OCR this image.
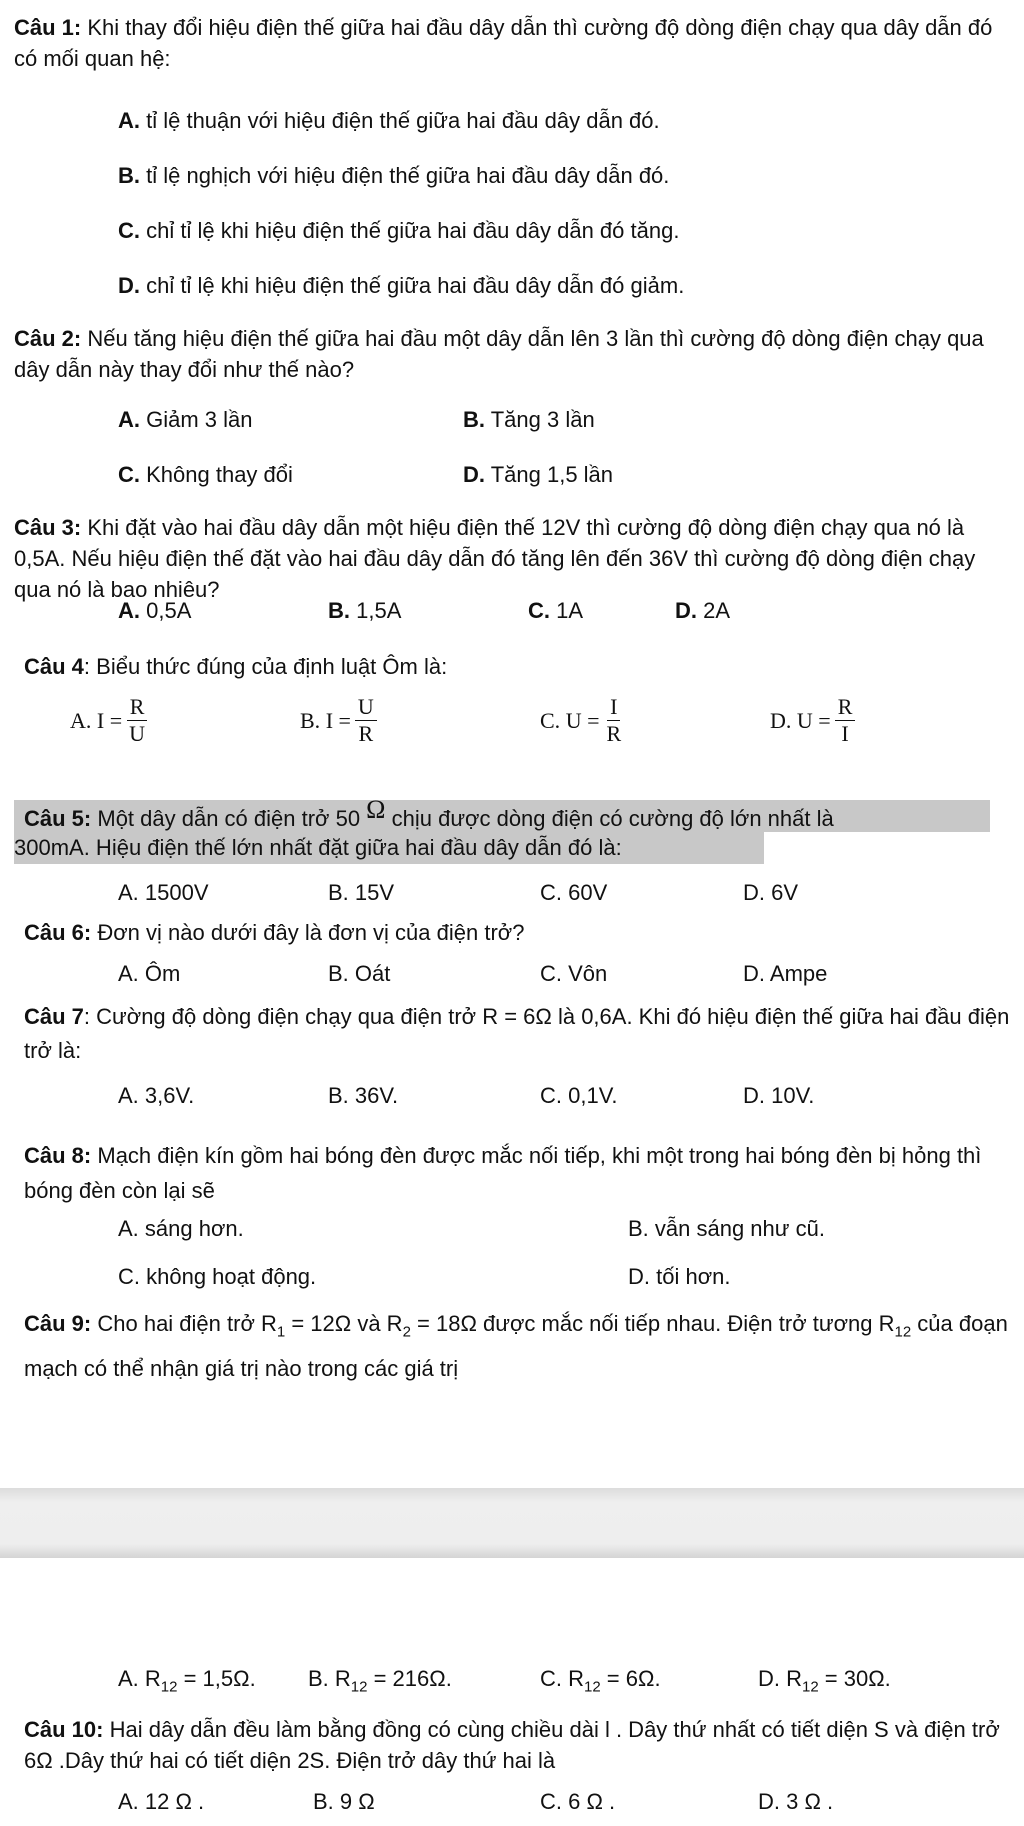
Câu 1: Khi thay đổi hiệu điện thế giữa hai đầu dây dẫn thì cường độ dòng điện chạy qua dây dẫn đó có mối quan hệ:
A. tỉ lệ thuận với hiệu điện thế giữa hai đầu dây dẫn đó.
B. tỉ lệ nghịch với hiệu điện thế giữa hai đầu dây dẫn đó.
C. chỉ tỉ lệ khi hiệu điện thế giữa hai đầu dây dẫn đó tăng.
D. chỉ tỉ lệ khi hiệu điện thế giữa hai đầu dây dẫn đó giảm.
Câu 2: Nếu tăng hiệu điện thế giữa hai đầu một dây dẫn lên 3 lần thì cường độ dòng điện chạy qua dây dẫn này thay đổi như thế nào?
A. Giảm 3 lần	B. Tăng 3 lần
C. Không thay đổi	D. Tăng 1,5 lần
Câu 3: Khi đặt vào hai đầu dây dẫn một hiệu điện thế 12V thì cường độ dòng điện chạy qua nó là 0,5A. Nếu hiệu điện thế đặt vào hai đầu dây dẫn đó tăng lên đến 36V thì cường độ dòng điện chạy qua nó là bao nhiêu?
A. 0,5A	B. 1,5A	C. 1A	D. 2A
Câu 4: Biểu thức đúng của định luật Ôm là:
A.
$I = \frac{R}{U}$	B.
$I = \frac{U}{R}$	C.
$U = \frac{I}{R}$	D.
$U = \frac{R}{I}$
Câu 5: Một dây dẫn có điện trở 50 Ω chịu được dòng điện có cường độ lớn nhất là
300mA. Hiệu điện thế lớn nhất đặt giữa hai đầu dây dẫn đó là:
A. 1500V	B. 15V	C. 60V	D. 6V
Câu 6: Đơn vị nào dưới đây là đơn vị của điện trở?
A. Ôm	B. Oát	C. Vôn	D. Ampe
Câu 7: Cường độ dòng điện chạy qua điện trở R = 6Ω là 0,6A. Khi đó hiệu điện thế giữa hai đầu điện trở là:
A. 3,6V.	B. 36V.	C. 0,1V.	D. 10V.
Câu 8: Mạch điện kín gồm hai bóng đèn được mắc nối tiếp, khi một trong hai bóng đèn bị hỏng thì bóng đèn còn lại sẽ
A. sáng hơn.	B. vẫn sáng như cũ.
C. không hoạt động.	D. tối hơn.
Câu 9: Cho hai điện trở $R_1 = 12\Omega$ và $R_2 = 18\Omega$ được mắc nối tiếp nhau. Điện trở tương $R_{12}$ của đoạn mạch có thể nhận giá trị nào trong các giá trị
A. $R_{12} = 1,5\Omega$. B. $R_{12} = 216\Omega$.	C. $R_{12} = 6\Omega$.	D. $R_{12} = 30\Omega$.
Câu 10: Hai dây dẫn đều làm bằng đồng có cùng chiều dài l . Dây thứ nhất có tiết diện S và điện trở 6Ω .Dây thứ hai có tiết diện 2S. Điện trở dây thứ hai là
A. 12 Ω .	B. 9 Ω	C. 6 Ω .	D. 3 Ω .
